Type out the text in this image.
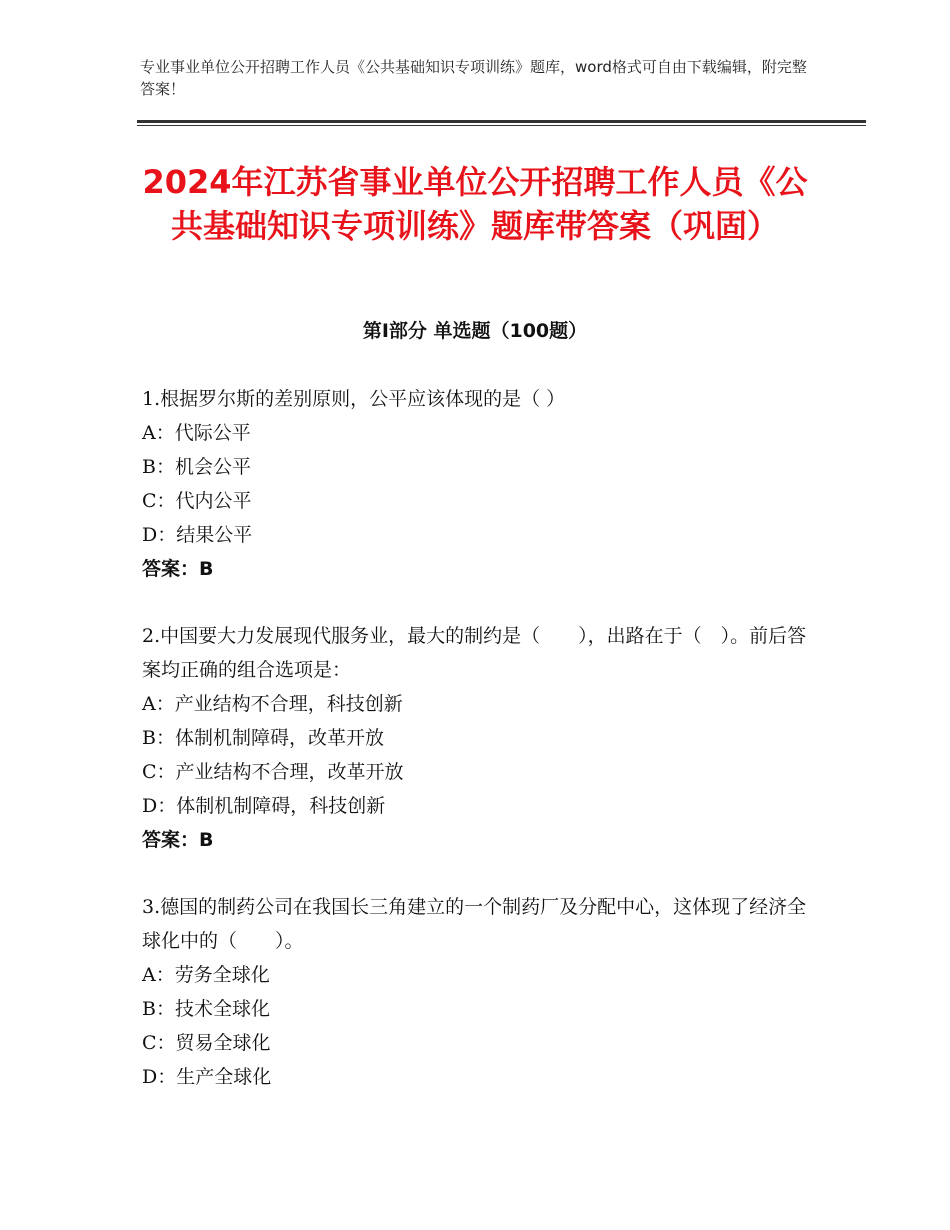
专业事业单位公开招聘工作人员《公共基础知识专项训练》题库，word格式可自由下载编辑，附完整答案！
2024年江苏省事业单位公开招聘工作人员《公共基础知识专项训练》题库带答案（巩固）
第Ⅰ部分 单选题（100题）
1.根据罗尔斯的差别原则，公平应该体现的是（ ）
A：代际公平
B：机会公平
C：代内公平
D：结果公平
答案：B
2.中国要大力发展现代服务业，最大的制约是（　　），出路在于（　）。前后答案均正确的组合选项是：
A：产业结构不合理，科技创新
B：体制机制障碍，改革开放
C：产业结构不合理，改革开放
D：体制机制障碍，科技创新
答案：B
3.德国的制药公司在我国长三角建立的一个制药厂及分配中心，这体现了经济全球化中的（　　）。
A：劳务全球化
B：技术全球化
C：贸易全球化
D：生产全球化
